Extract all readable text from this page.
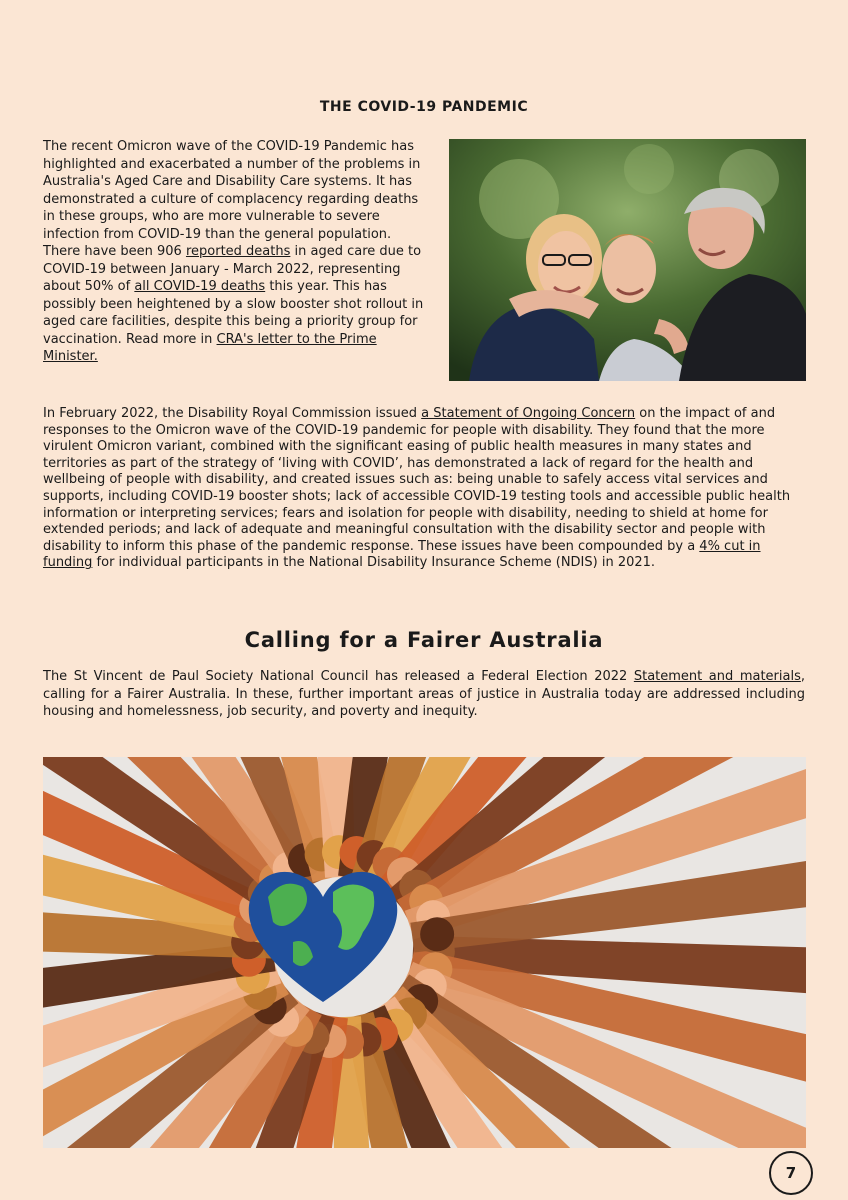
THE COVID-19 PANDEMIC

The recent Omicron wave of the COVID-19 Pandemic has highlighted and exacerbated a number of the problems in Australia's Aged Care and Disability Care systems. It has demonstrated a culture of complacency regarding deaths in these groups, who are more vulnerable to severe infection from COVID-19 than the general population. There have been 906 reported deaths in aged care due to COVID-19 between January - March 2022, representing about 50% of all COVID-19 deaths this year. This has possibly been heightened by a slow booster shot rollout in aged care facilities, despite this being a priority group for vaccination. Read more in CRA's letter to the Prime Minister.

In February 2022, the Disability Royal Commission issued a Statement of Ongoing Concern on the impact of and responses to the Omicron wave of the COVID-19 pandemic for people with disability. They found that the more virulent Omicron variant, combined with the significant easing of public health measures in many states and territories as part of the strategy of ‘living with COVID’, has demonstrated a lack of regard for the health and wellbeing of people with disability, and created issues such as: being unable to safely access vital services and supports, including COVID-19 booster shots; lack of accessible COVID-19 testing tools and accessible public health information or interpreting services; fears and isolation for people with disability, needing to shield at home for extended periods; and lack of adequate and meaningful consultation with the disability sector and people with disability to inform this phase of the pandemic response. These issues have been compounded by a 4% cut in funding for individual participants in the National Disability Insurance Scheme (NDIS) in 2021.

Calling for a Fairer Australia

The St Vincent de Paul Society National Council has released a Federal Election 2022 Statement and materials, calling for a Fairer Australia. In these, further important areas of justice in Australia today are addressed including housing and homelessness, job security, and poverty and inequity.

7
